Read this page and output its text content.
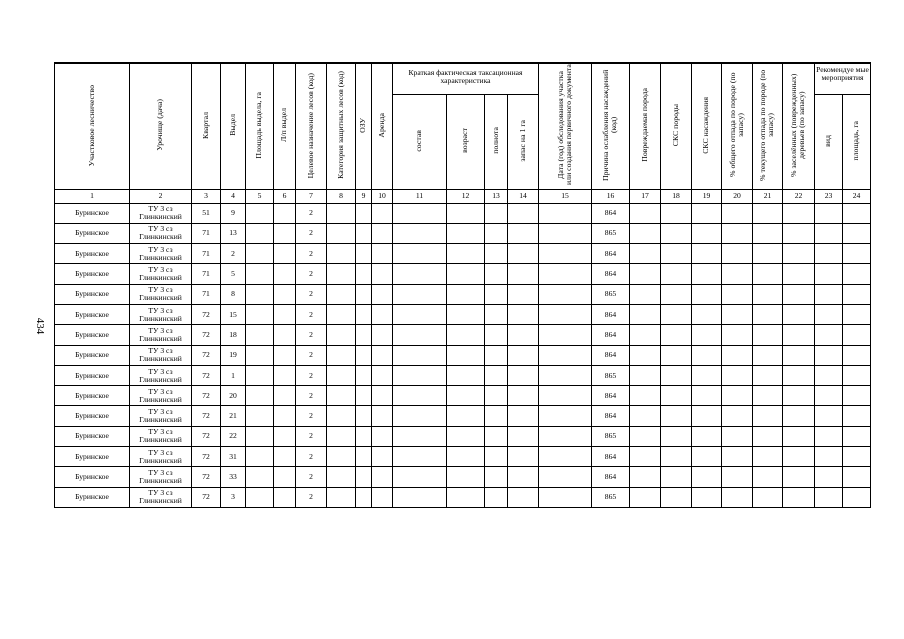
434
Участковое лесничество	Урочище (дача)	Квартал	Выдел	Площадь выдела, га	Л/п выдел	Целевое назначение лесов (код)	Категория защитных лесов (код)	ОЗУ	Аренда	Краткая фактическая таксационная характеристика				Дата (год) обследования участка или создания первичного документа	Причина ослабления насаждений (код)	Повреждаемая порода	СКС породы	СКС насаждения	% общего отпада по породе (по запасу)	% текущего отпада по породе (по запасу)	% заселённых (поврежденных) деревьев (по запасу)	Рекомендуе мые мероприятия	
										состав	возраст	полнота	запас на 1 га									вид	площадь, га
1	2	3	4	5	6	7	8	9	10	11	12	13	14	15	16	17	18	19	20	21	22	23	24
Буринское	ТУ 3 сз Глинкинский	51	9			2									864								
Буринское	ТУ 3 сз Глинкинский	71	13			2									865								
Буринское	ТУ 3 сз Глинкинский	71	2			2									864								
Буринское	ТУ 3 сз Глинкинский	71	5			2									864								
Буринское	ТУ 3 сз Глинкинский	71	8			2									865								
Буринское	ТУ 3 сз Глинкинский	72	15			2									864								
Буринское	ТУ 3 сз Глинкинский	72	18			2									864								
Буринское	ТУ 3 сз Глинкинский	72	19			2									864								
Буринское	ТУ 3 сз Глинкинский	72	1			2									865								
Буринское	ТУ 3 сз Глинкинский	72	20			2									864								
Буринское	ТУ 3 сз Глинкинский	72	21			2									864								
Буринское	ТУ 3 сз Глинкинский	72	22			2									865								
Буринское	ТУ 3 сз Глинкинский	72	31			2									864								
Буринское	ТУ 3 сз Глинкинский	72	33			2									864								
Буринское	ТУ 3 сз Глинкинский	72	3			2									865								
